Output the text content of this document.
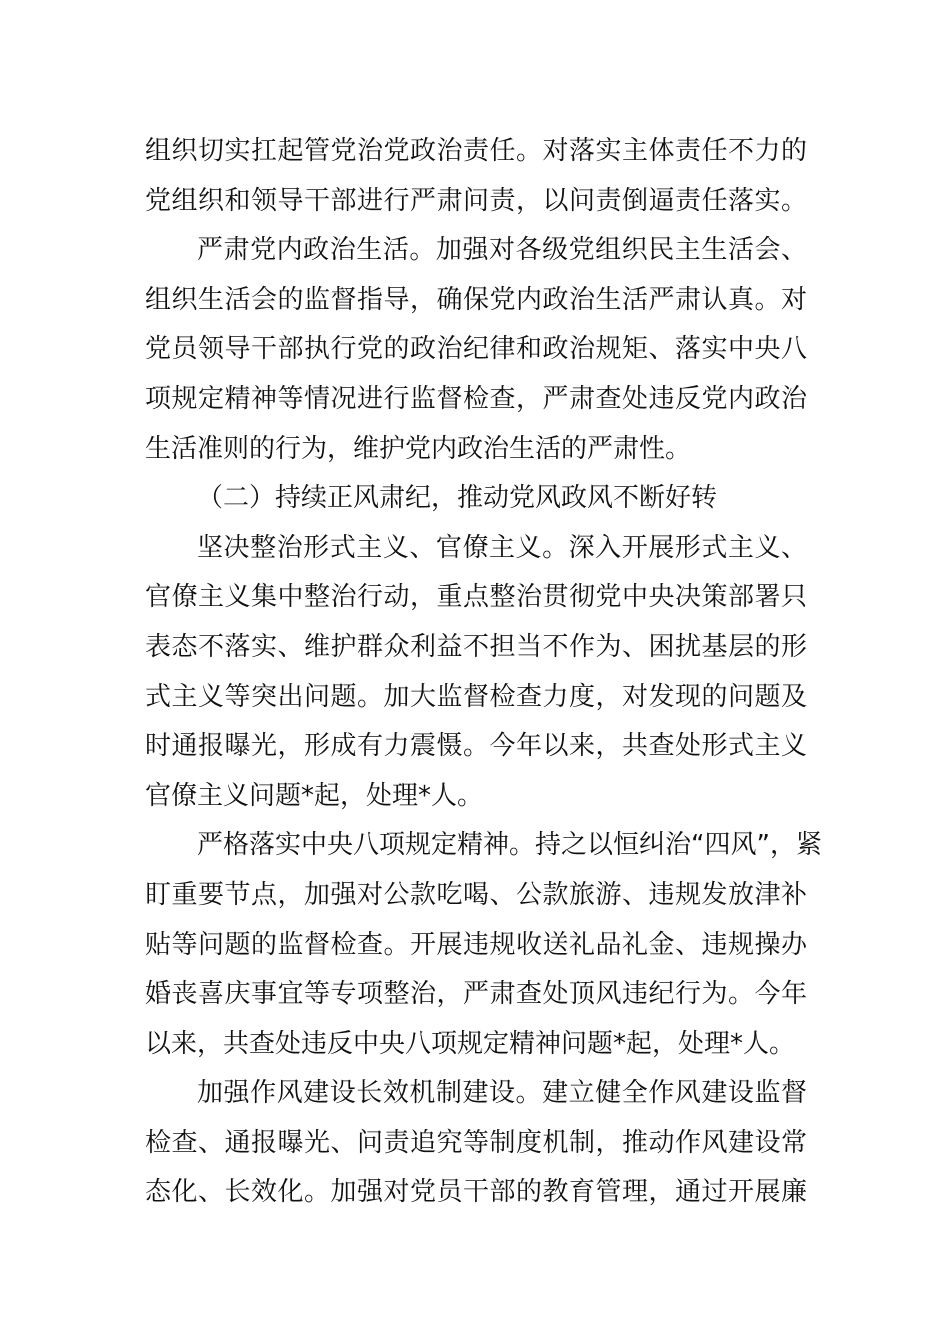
组织切实扛起管党治党政治责任。对落实主体责任不力的
党组织和领导干部进行严肃问责，以问责倒逼责任落实。
严肃党内政治生活。加强对各级党组织民主生活会、
组织生活会的监督指导，确保党内政治生活严肃认真。对
党员领导干部执行党的政治纪律和政治规矩、落实中央八
项规定精神等情况进行监督检查，严肃查处违反党内政治
生活准则的行为，维护党内政治生活的严肃性。
（二）持续正风肃纪，推动党风政风不断好转
坚决整治形式主义、官僚主义。深入开展形式主义、
官僚主义集中整治行动，重点整治贯彻党中央决策部署只
表态不落实、维护群众利益不担当不作为、困扰基层的形
式主义等突出问题。加大监督检查力度，对发现的问题及
时通报曝光，形成有力震慑。今年以来，共查处形式主义
官僚主义问题*起，处理*人。
严格落实中央八项规定精神。持之以恒纠治“四风”，紧
盯重要节点，加强对公款吃喝、公款旅游、违规发放津补
贴等问题的监督检查。开展违规收送礼品礼金、违规操办
婚丧喜庆事宜等专项整治，严肃查处顶风违纪行为。今年
以来，共查处违反中央八项规定精神问题*起，处理*人。
加强作风建设长效机制建设。建立健全作风建设监督
检查、通报曝光、问责追究等制度机制，推动作风建设常
态化、长效化。加强对党员干部的教育管理，通过开展廉
